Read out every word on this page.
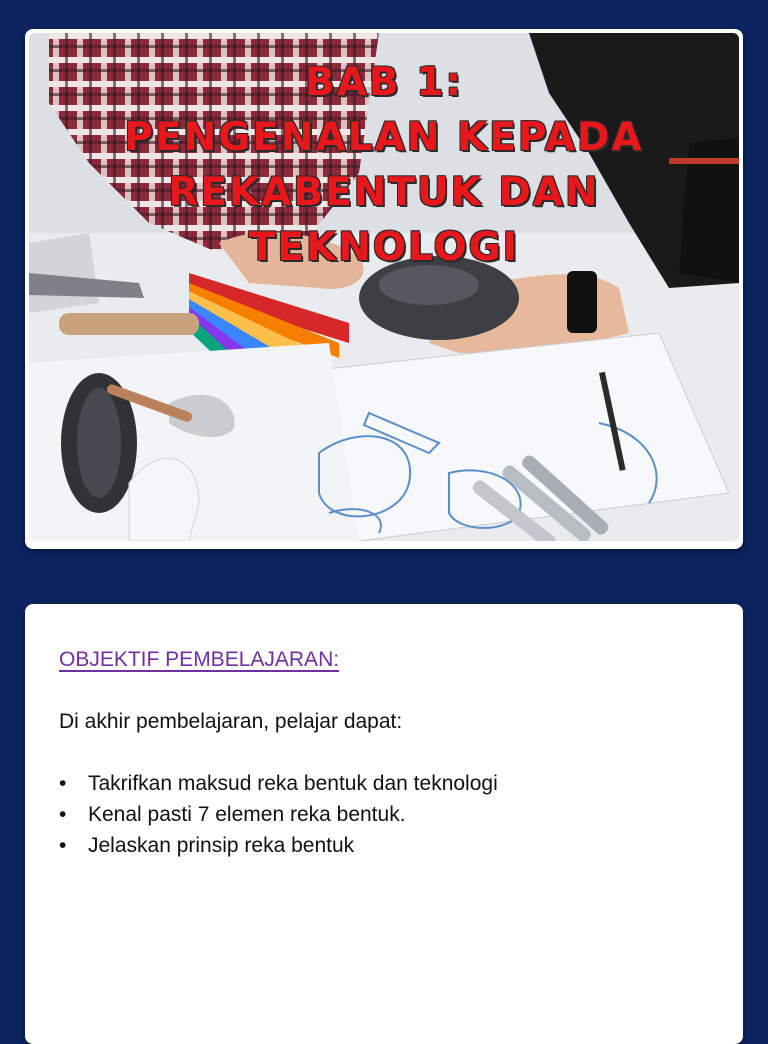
BAB 1:
PENGENALAN KEPADA
REKABENTUK DAN
TEKNOLOGI
OBJEKTIF PEMBELAJARAN:
Di akhir pembelajaran, pelajar dapat:
•	Takrifkan maksud reka bentuk dan teknologi
•	Kenal pasti 7 elemen reka bentuk.
•	Jelaskan prinsip reka bentuk
